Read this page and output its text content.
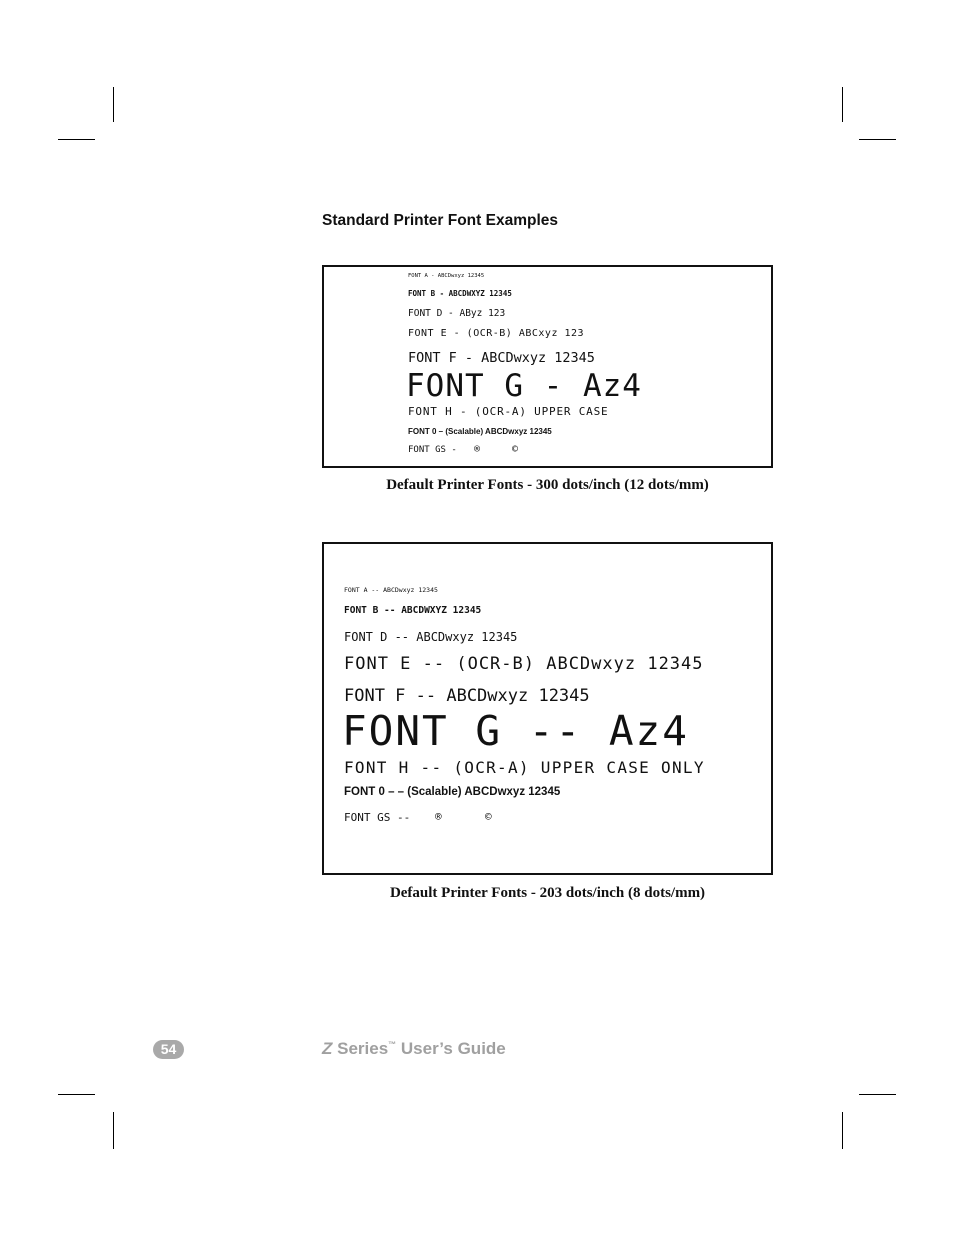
Standard Printer Font Examples
FONT A - ABCDwxyz 12345
FONT B - ABCDWXYZ 12345
FONT D - AByz 123
FONT E - (OCR-B) ABCxyz 123
FONT F - ABCDwxyz 12345
FONT G - Az4
FONT H - (OCR-A) UPPER CASE
FONT 0 – (Scalable) ABCDwxyz 12345
FONT GS - ®	©
Default Printer Fonts - 300 dots/inch (12 dots/mm)
FONT A -- ABCDwxyz 12345
FONT B -- ABCDWXYZ 12345
FONT D -- ABCDwxyz 12345
FONT E -- (OCR-B) ABCDwxyz 12345
FONT F -- ABCDwxyz 12345
FONT G -- Az4
FONT H -- (OCR-A) UPPER CASE ONLY
FONT 0 – – (Scalable) ABCDwxyz 12345
FONT GS -- ®	©
Default Printer Fonts - 203 dots/inch (8 dots/mm)
54	Z Series™ User’s Guide
